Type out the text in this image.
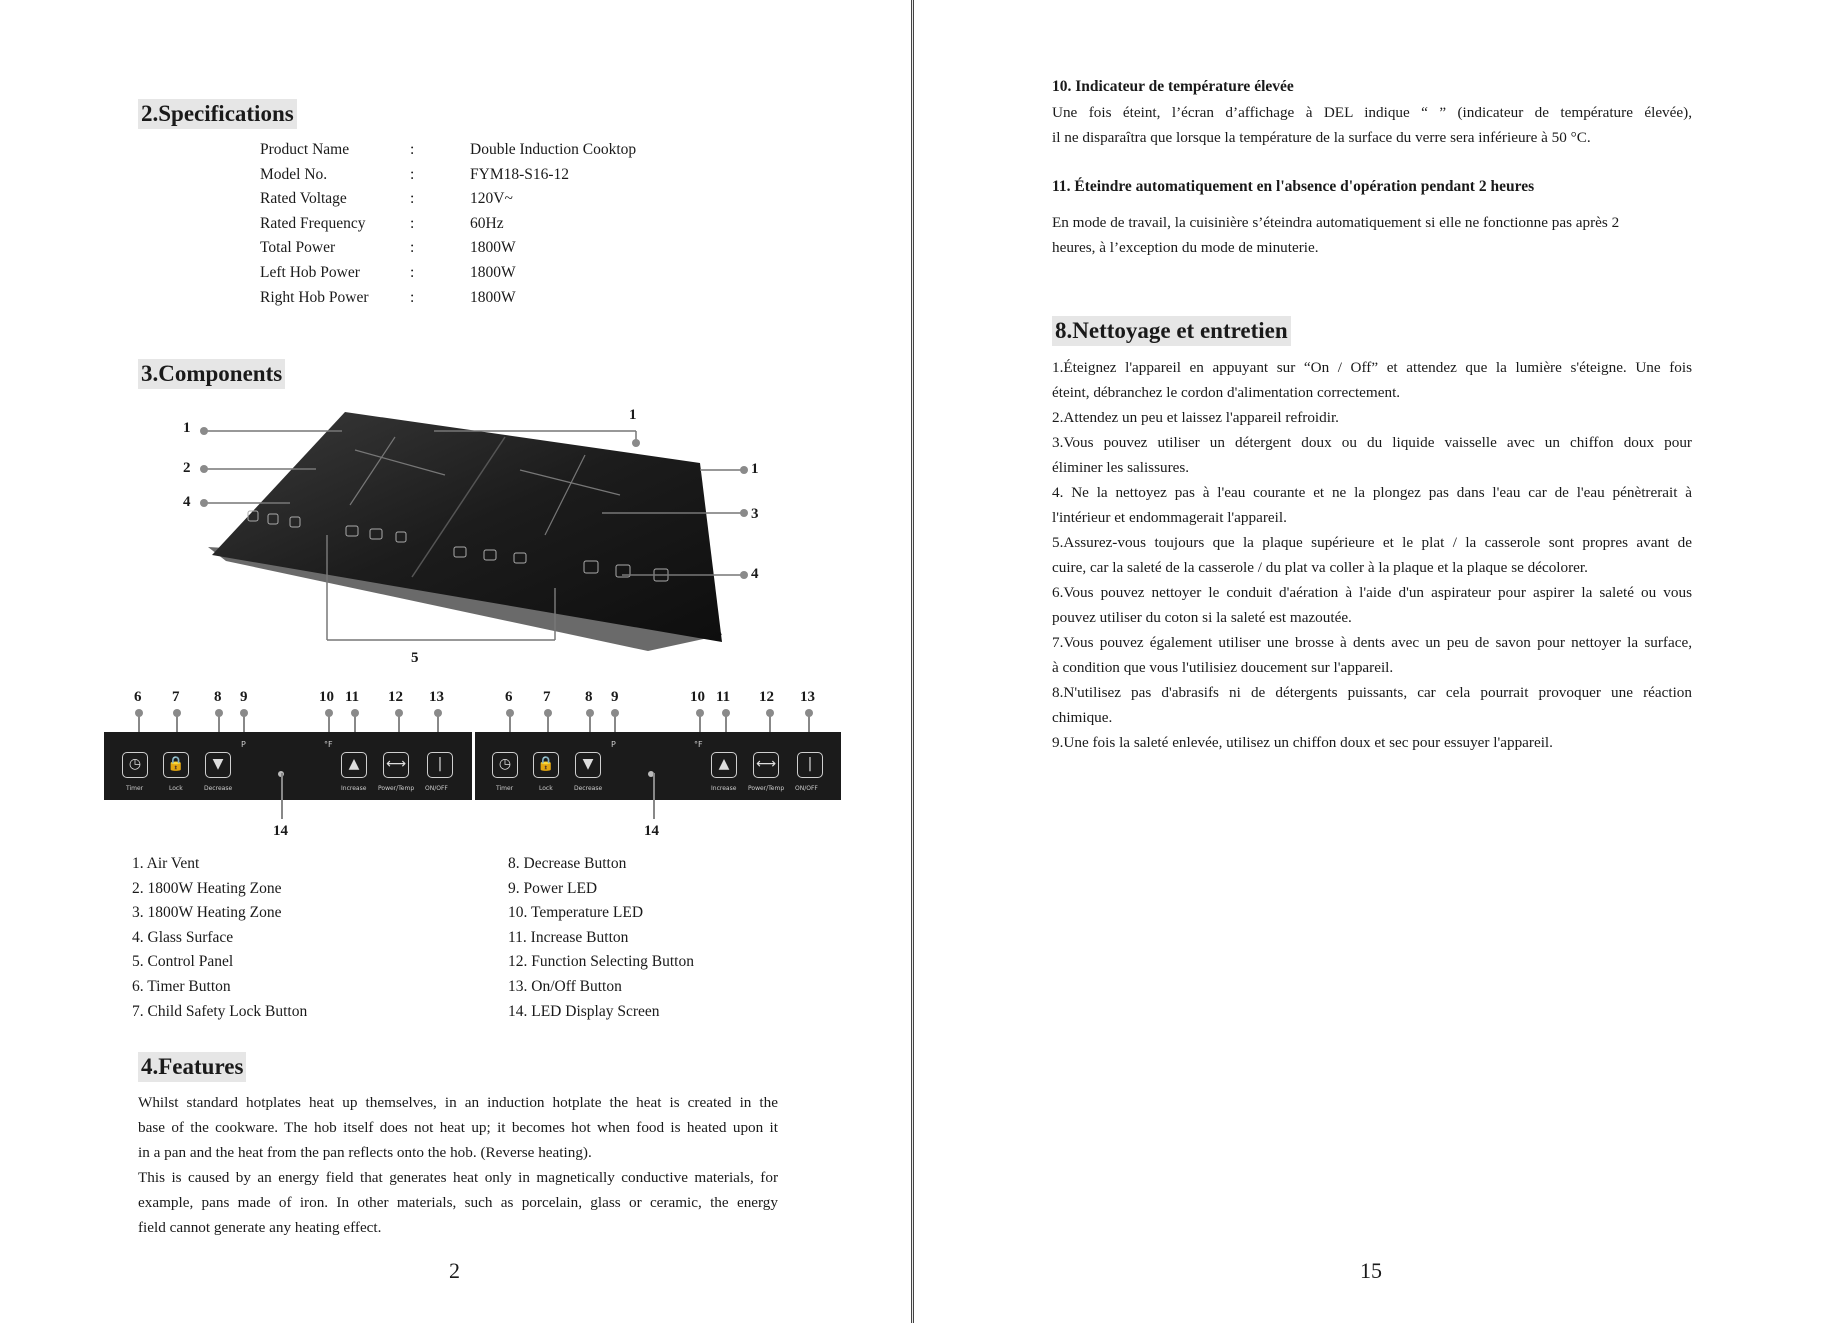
2.Specifications
Product Name	:	Double Induction Cooktop
Model No.	:	FYM18-S16-12
Rated Voltage	:	120V~
Rated Frequency	:	60Hz
Total Power	:	1800W
Left Hob Power	:	1800W
Right Hob Power	:	1800W
3.Components
1
2
4
1
1
3
4
5
6 7 8 9	10 11 12 13	6 7 8 9	10 11 12 13
◷
Timer
🔒
Lock
▼
Decrease
▲
Increase
⟷
Power/Temp
|
ON/OFF
P	°F
◷
Timer
🔒
Lock
▼
Decrease
▲
Increase
⟷
Power/Temp
|
ON/OFF
P	°F
14	14
1. Air Vent
2. 1800W Heating Zone
3. 1800W Heating Zone
4. Glass Surface
5. Control Panel
6. Timer Button
7. Child Safety Lock Button
8. Decrease Button
9. Power LED
10. Temperature LED
11. Increase Button
12. Function Selecting Button
13. On/Off Button
14. LED Display Screen
4.Features
Whilst standard hotplates heat up themselves, in an induction hotplate the heat is created in the
base of the cookware. The hob itself does not heat up; it becomes hot when food is heated upon it
in a pan and the heat from the pan reflects onto the hob. (Reverse heating).
This is caused by an energy field that generates heat only in magnetically conductive materials, for
example, pans made of iron. In other materials, such as porcelain, glass or ceramic, the energy
field cannot generate any heating effect.
2
10. Indicateur de température élevée
Une fois éteint, l’écran d’affichage à DEL indique “ ” (indicateur de température élevée),
il ne disparaîtra que lorsque la température de la surface du verre sera inférieure à 50 °C.
11. Éteindre automatiquement en l'absence d'opération pendant 2 heures
En mode de travail, la cuisinière s’éteindra automatiquement si elle ne fonctionne pas après 2
heures, à l’exception du mode de minuterie.
8.Nettoyage et entretien
1.Éteignez l'appareil en appuyant sur “On / Off” et attendez que la lumière s'éteigne. Une fois
éteint, débranchez le cordon d'alimentation correctement.
2.Attendez un peu et laissez l'appareil refroidir.
3.Vous pouvez utiliser un détergent doux ou du liquide vaisselle avec un chiffon doux pour
éliminer les salissures.
4. Ne la nettoyez pas à l'eau courante et ne la plongez pas dans l'eau car de l'eau pénètrerait à
l'intérieur et endommagerait l'appareil.
5.Assurez-vous toujours que la plaque supérieure et le plat / la casserole sont propres avant de
cuire, car la saleté de la casserole / du plat va coller à la plaque et la plaque se décolorer.
6.Vous pouvez nettoyer le conduit d'aération à l'aide d'un aspirateur pour aspirer la saleté ou vous
pouvez utiliser du coton si la saleté est mazoutée.
7.Vous pouvez également utiliser une brosse à dents avec un peu de savon pour nettoyer la surface,
à condition que vous l'utilisiez doucement sur l'appareil.
8.N'utilisez pas d'abrasifs ni de détergents puissants, car cela pourrait provoquer une réaction
chimique.
9.Une fois la saleté enlevée, utilisez un chiffon doux et sec pour essuyer l'appareil.
15
